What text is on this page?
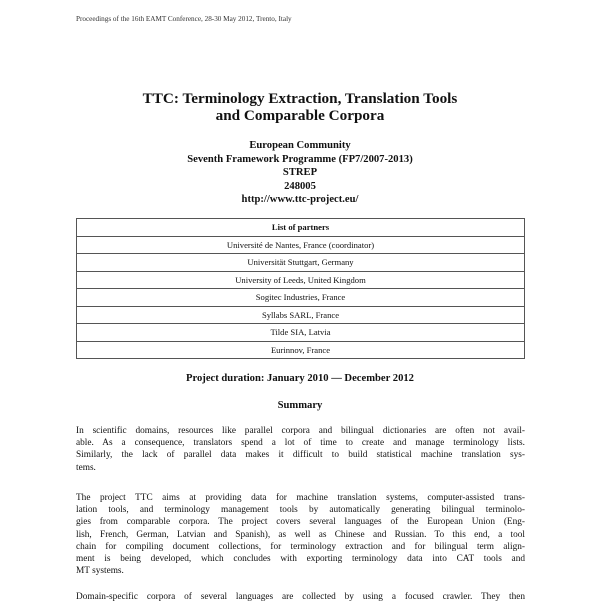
Proceedings of the 16th EAMT Conference, 28-30 May 2012, Trento, Italy
TTC: Terminology Extraction, Translation Tools
and Comparable Corpora
European Community
Seventh Framework Programme (FP7/2007-2013)
STREP
248005
http://www.ttc-project.eu/
List of partners
Université de Nantes, France (coordinator)
Universität Stuttgart, Germany
University of Leeds, United Kingdom
Sogitec Industries, France
Syllabs SARL, France
Tilde SIA, Latvia
Eurinnov, France
Project duration: January 2010 — December 2012
Summary
In scientific domains, resources like parallel corpora and bilingual dictionaries are often not avail-
able. As a consequence, translators spend a lot of time to create and manage terminology lists.
Similarly, the lack of parallel data makes it difficult to build statistical machine translation sys-
tems.
The project TTC aims at providing data for machine translation systems, computer-assisted trans-
lation tools, and terminology management tools by automatically generating bilingual terminolo-
gies from comparable corpora. The project covers several languages of the European Union (Eng-
lish, French, German, Latvian and Spanish), as well as Chinese and Russian. To this end, a tool
chain for compiling document collections, for terminology extraction and for bilingual term align-
ment is being developed, which concludes with exporting terminology data into CAT tools and
MT systems.
Domain-specific corpora of several languages are collected by using a focused crawler. They then
